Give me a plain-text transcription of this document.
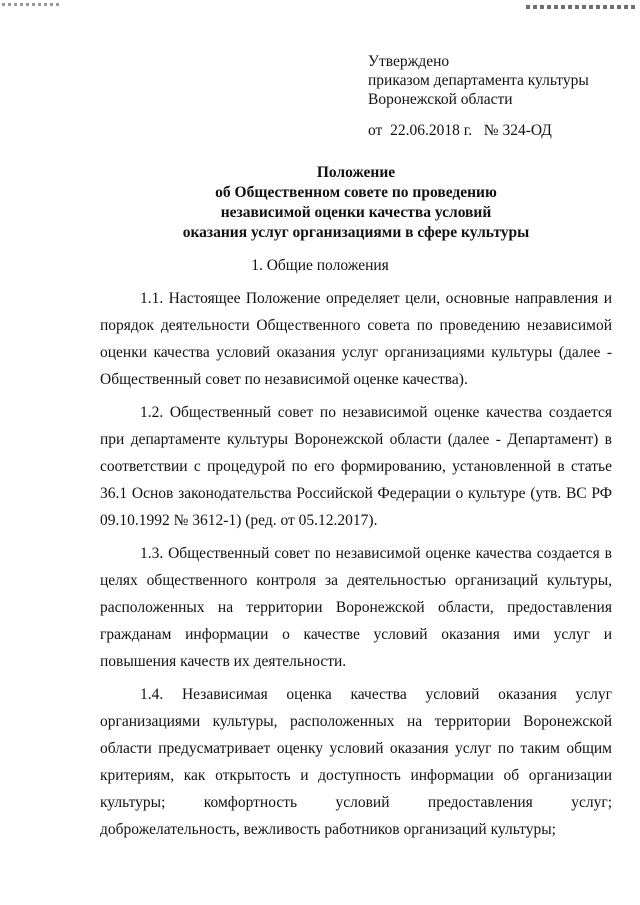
Утверждено
приказом департамента культуры
Воронежской области
от  22.06.2018 г.   № 324-ОД
Положение
об Общественном совете по проведению
независимой оценки качества условий
оказания услуг организациями в сфере культуры
1. Общие положения

1.1. Настоящее Положение определяет цели, основные направления и порядок деятельности Общественного совета по проведению независимой оценки качества условий оказания услуг организациями культуры (далее - Общественный совет по независимой оценке качества).

1.2. Общественный совет по независимой оценке качества создается при департаменте культуры Воронежской области (далее - Департамент) в соответствии с процедурой по его формированию, установленной в статье 36.1 Основ законодательства Российской Федерации о культуре (утв. ВС РФ 09.10.1992 № 3612-1) (ред. от 05.12.2017).

1.3. Общественный совет по независимой оценке качества создается в целях общественного контроля за деятельностью организаций культуры, расположенных на территории Воронежской области, предоставления гражданам информации о качестве условий оказания ими услуг и повышения качеств их деятельности.

1.4. Независимая оценка качества условий оказания услуг организациями культуры, расположенных на территории Воронежской области предусматривает оценку условий оказания услуг по таким общим критериям, как открытость и доступность информации об организации культуры; комфортность условий предоставления услуг; доброжелательность, вежливость работников организаций культуры;
